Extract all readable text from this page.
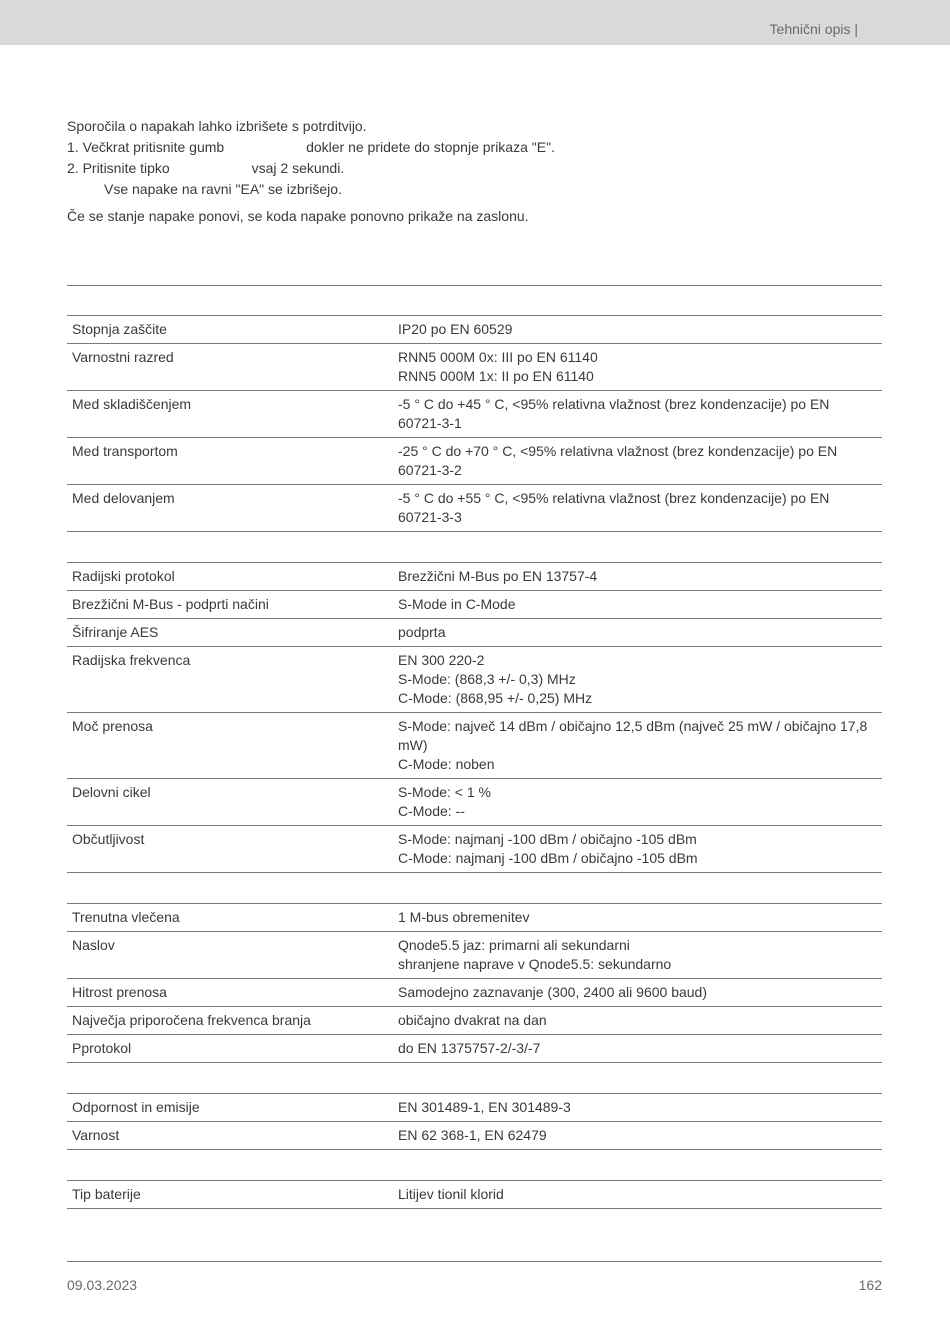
Tehnični opis |

Sporočila o napakah lahko izbrišete s potrditvijo.

1. Večkrat pritisnite gumb	dokler ne pridete do stopnje prikaza "E".

2. Pritisnite tipko	vsaj 2 sekundi.

Vse napake na ravni "EA" se izbrišejo.

Če se stanje napake ponovi, se koda napake ponovno prikaže na zaslonu.

Stopnja zaščite	IP20 po EN 60529
Varnostni razred	RNN5 000M 0x: III po EN 61140
RNN5 000M 1x: II po EN 61140
Med skladiščenjem	-5 ° C do +45 ° C, <95% relativna vlažnost (brez kondenzacije) po EN 60721-3-1
Med transportom	-25 ° C do +70 ° C, <95% relativna vlažnost (brez kondenzacije) po EN 60721-3-2
Med delovanjem	-5 ° C do +55 ° C, <95% relativna vlažnost (brez kondenzacije) po EN 60721-3-3
Radijski protokol	Brezžični M-Bus po EN 13757-4
Brezžični M-Bus - podprti načini	S-Mode in C-Mode
Šifriranje AES	podprta
Radijska frekvenca	EN 300 220-2
S-Mode: (868,3 +/- 0,3) MHz
C-Mode: (868,95 +/- 0,25) MHz
Moč prenosa	S-Mode: največ 14 dBm / običajno 12,5 dBm (največ 25 mW / običajno 17,8 mW)
C-Mode: noben
Delovni cikel	S-Mode: < 1 %
C-Mode: --
Občutljivost	S-Mode: najmanj -100 dBm / običajno -105 dBm
C-Mode: najmanj -100 dBm / običajno -105 dBm
Trenutna vlečena	1 M-bus obremenitev
Naslov	Qnode5.5 jaz: primarni ali sekundarni
shranjene naprave v Qnode5.5: sekundarno
Hitrost prenosa	Samodejno zaznavanje (300, 2400 ali 9600 baud)
Največja priporočena frekvenca branja	običajno dvakrat na dan
Pprotokol	do EN 1375757-2/-3/-7
Odpornost in emisije	EN 301489-1, EN 301489-3
Varnost	EN 62 368-1, EN 62479
Tip baterije	Litijev tionil klorid
09.03.2023	162
